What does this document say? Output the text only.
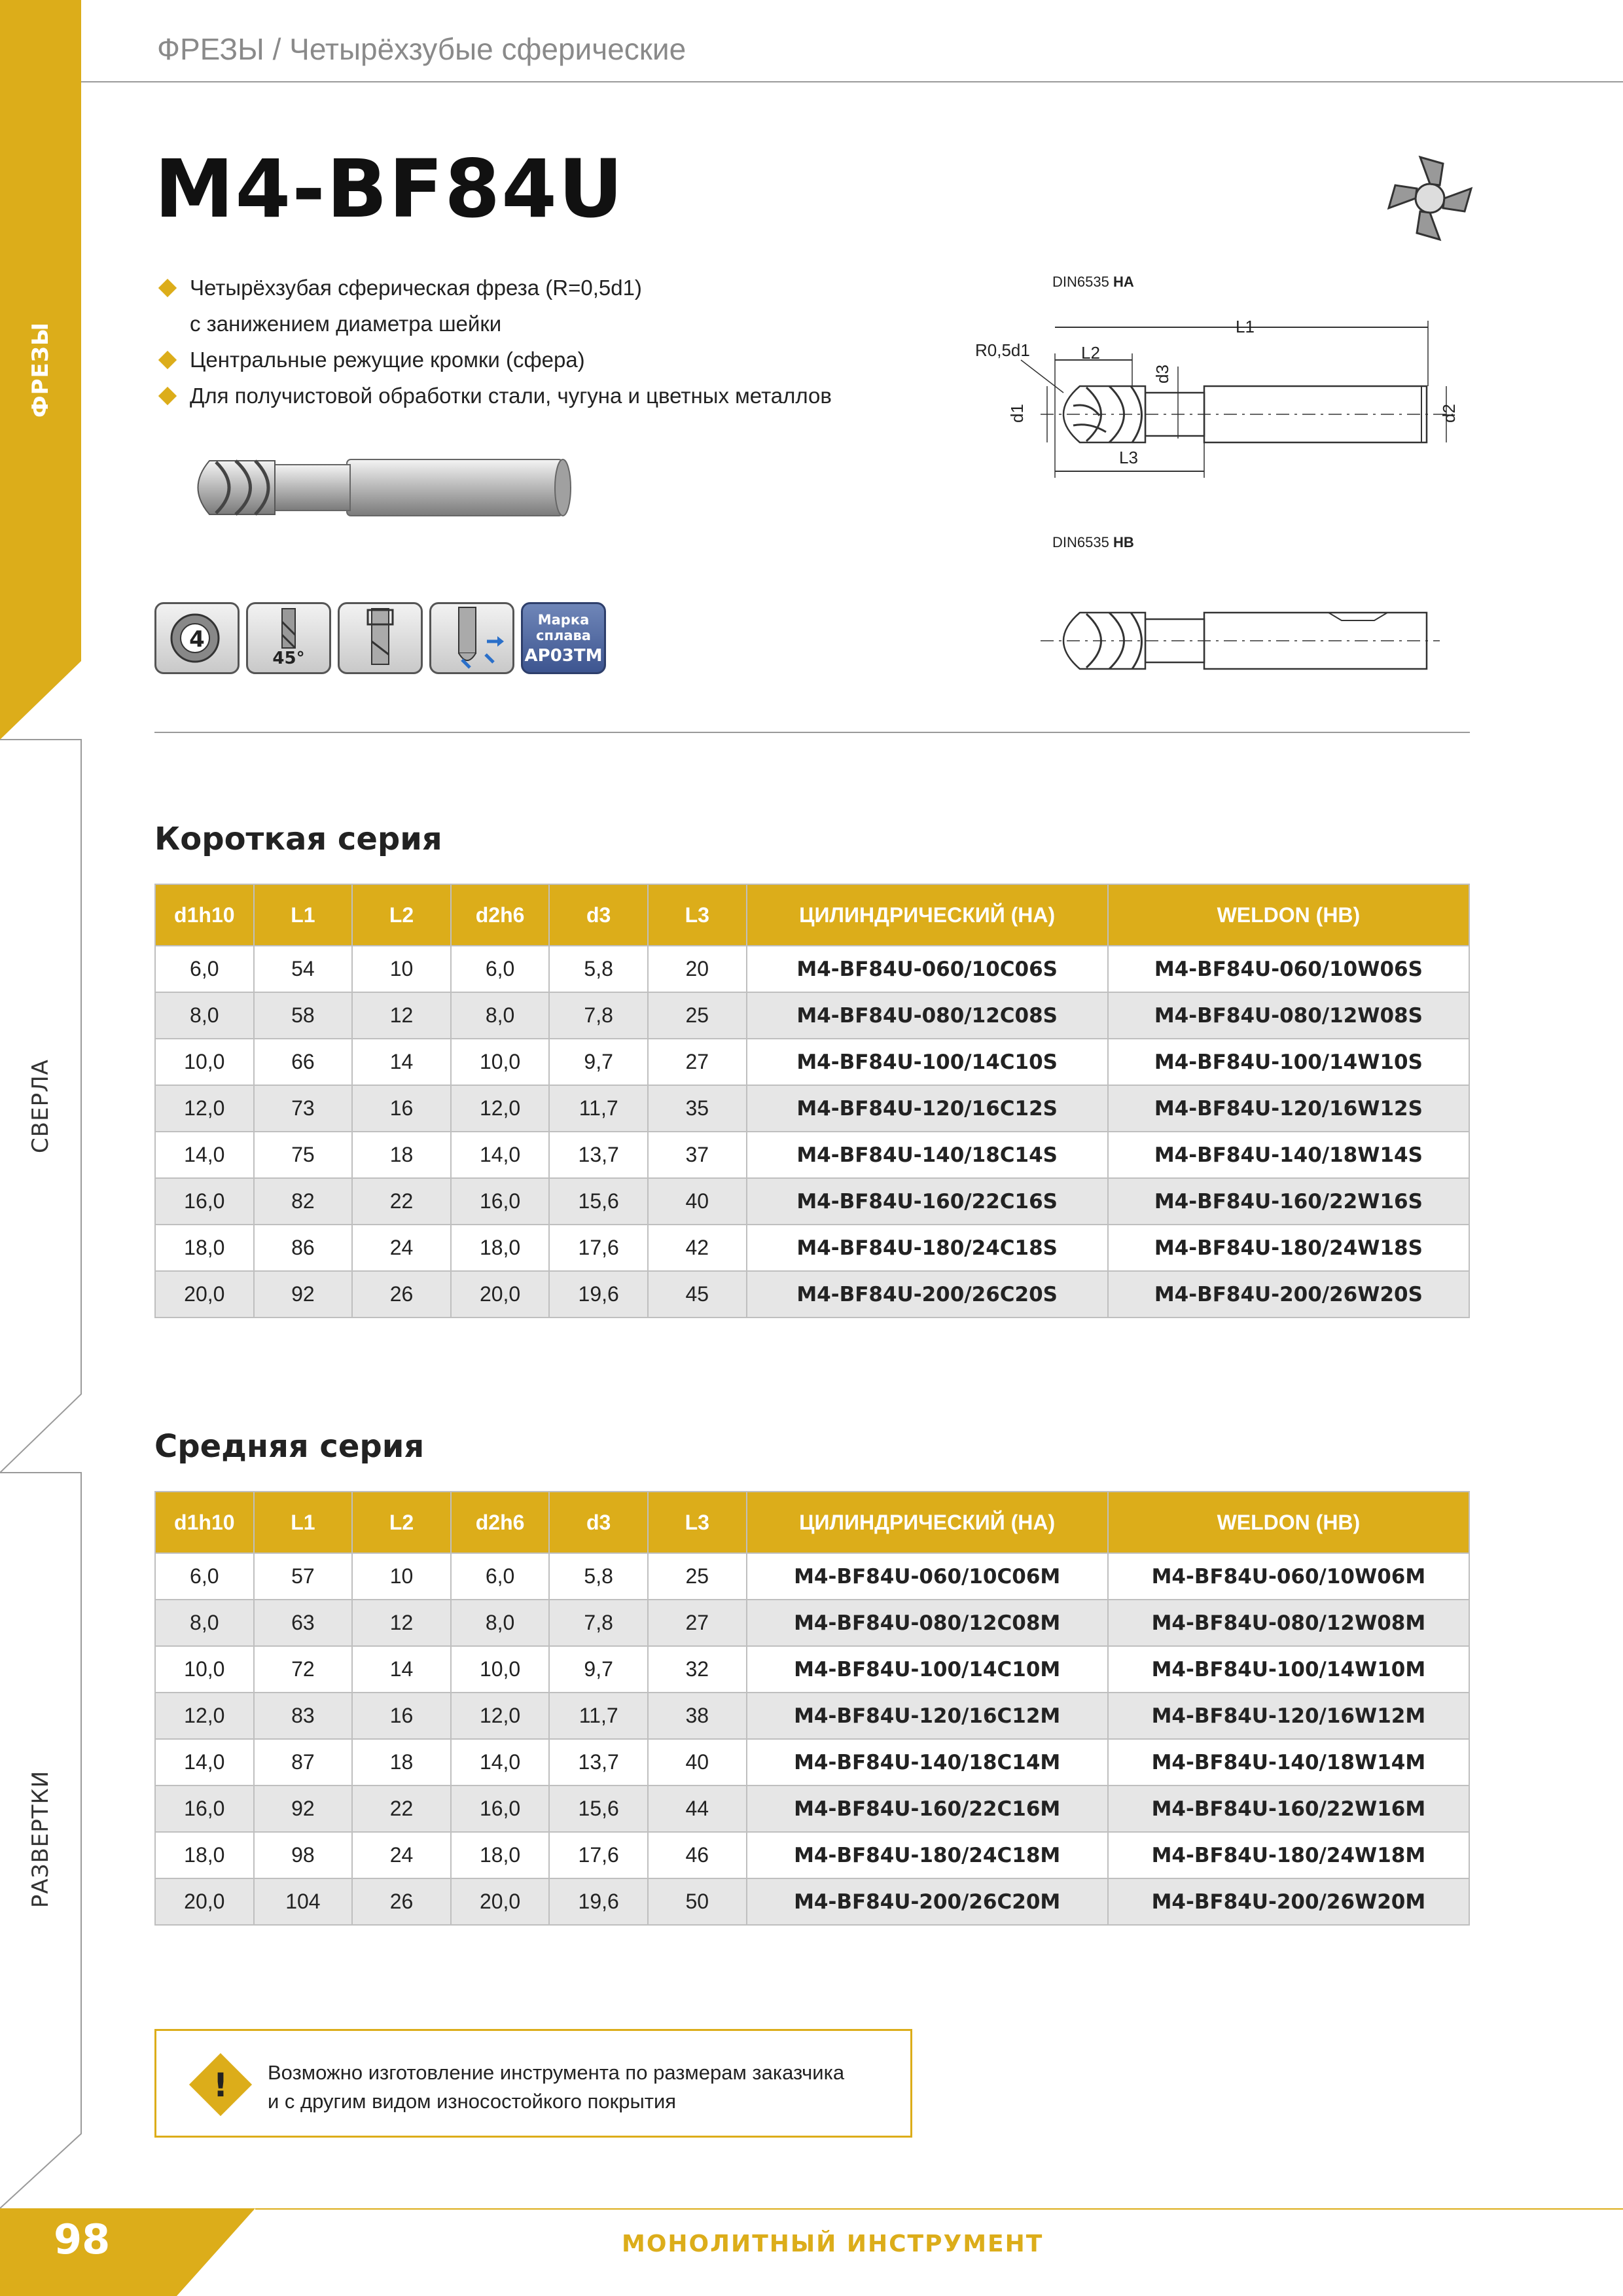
ФРЕЗЫ
СВЕРЛА
РАЗВЕРТКИ
ФРЕЗЫ / Четырёхзубые сферические
M4-BF84U
Четырёхзубая сферическая фреза (R=0,5d1)
с занижением диаметра шейки
Центральные режущие кромки (сфера)
Для получистовой обработки стали, чугуна и цветных металлов
4
45°
Марка
сплава
AP03TM
DIN6535 HA
L1
L2
L3
R0,5d1
d1
d3
d2
DIN6535 HB
Короткая серия
d1h10	L1	L2	d2h6	d3	L3	ЦИЛИНДРИЧЕСКИЙ (HA)	WELDON (HB)
6,0	54	10	6,0	5,8	20	M4-BF84U-060/10C06S	M4-BF84U-060/10W06S
8,0	58	12	8,0	7,8	25	M4-BF84U-080/12C08S	M4-BF84U-080/12W08S
10,0	66	14	10,0	9,7	27	M4-BF84U-100/14C10S	M4-BF84U-100/14W10S
12,0	73	16	12,0	11,7	35	M4-BF84U-120/16C12S	M4-BF84U-120/16W12S
14,0	75	18	14,0	13,7	37	M4-BF84U-140/18C14S	M4-BF84U-140/18W14S
16,0	82	22	16,0	15,6	40	M4-BF84U-160/22C16S	M4-BF84U-160/22W16S
18,0	86	24	18,0	17,6	42	M4-BF84U-180/24C18S	M4-BF84U-180/24W18S
20,0	92	26	20,0	19,6	45	M4-BF84U-200/26C20S	M4-BF84U-200/26W20S
Средняя серия
d1h10	L1	L2	d2h6	d3	L3	ЦИЛИНДРИЧЕСКИЙ (HA)	WELDON (HB)
6,0	57	10	6,0	5,8	25	M4-BF84U-060/10C06M	M4-BF84U-060/10W06M
8,0	63	12	8,0	7,8	27	M4-BF84U-080/12C08M	M4-BF84U-080/12W08M
10,0	72	14	10,0	9,7	32	M4-BF84U-100/14C10M	M4-BF84U-100/14W10M
12,0	83	16	12,0	11,7	38	M4-BF84U-120/16C12M	M4-BF84U-120/16W12M
14,0	87	18	14,0	13,7	40	M4-BF84U-140/18C14M	M4-BF84U-140/18W14M
16,0	92	22	16,0	15,6	44	M4-BF84U-160/22C16M	M4-BF84U-160/22W16M
18,0	98	24	18,0	17,6	46	M4-BF84U-180/24C18M	M4-BF84U-180/24W18M
20,0	104	26	20,0	19,6	50	M4-BF84U-200/26C20M	M4-BF84U-200/26W20M
! Возможно изготовление инструмента по размерам заказчика
и с другим видом износостойкого покрытия
98	МОНОЛИТНЫЙ ИНСТРУМЕНТ
